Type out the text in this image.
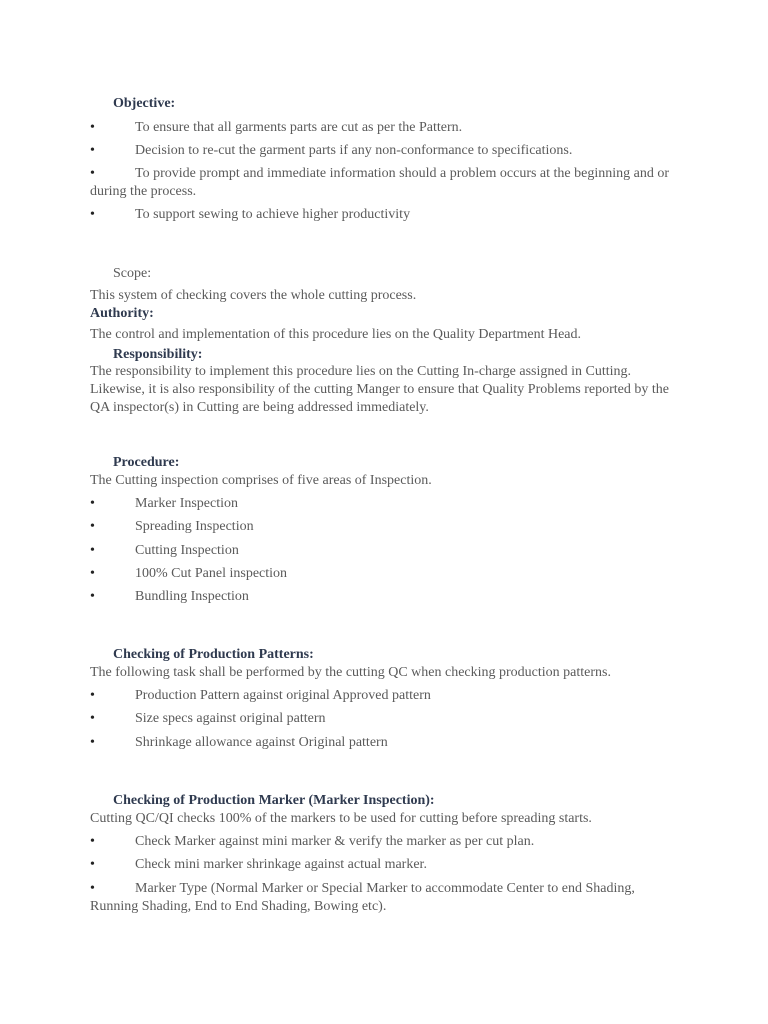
Objective:
•	To ensure that all garments parts are cut as per the Pattern.
•	Decision to re-cut the garment parts if any non-conformance to specifications.
•	To provide prompt and immediate information should a problem occurs at the beginning and or during the process.
•	To support sewing to achieve higher productivity
Scope:

This system of checking covers the whole cutting process.

Authority:

The control and implementation of this procedure lies on the Quality Department Head.

Responsibility:

The responsibility to implement this procedure lies on the Cutting In-charge assigned in Cutting. Likewise, it is also responsibility of the cutting Manger to ensure that Quality Problems reported by the QA inspector(s) in Cutting are being addressed immediately.

Procedure:

The Cutting inspection comprises of five areas of Inspection.

•	Marker Inspection
•	Spreading Inspection
•	Cutting Inspection
•	100% Cut Panel inspection
•	Bundling Inspection
Checking of Production Patterns:

The following task shall be performed by the cutting QC when checking production patterns.

•	Production Pattern against original Approved pattern
•	Size specs against original pattern
•	Shrinkage allowance against Original pattern
Checking of Production Marker (Marker Inspection):

Cutting QC/QI checks 100% of the markers to be used for cutting before spreading starts.

•	Check Marker against mini marker & verify the marker as per cut plan.
•	Check mini marker shrinkage against actual marker.
•	Marker Type (Normal Marker or Special Marker to accommodate Center to end Shading, Running Shading, End to End Shading, Bowing etc).
